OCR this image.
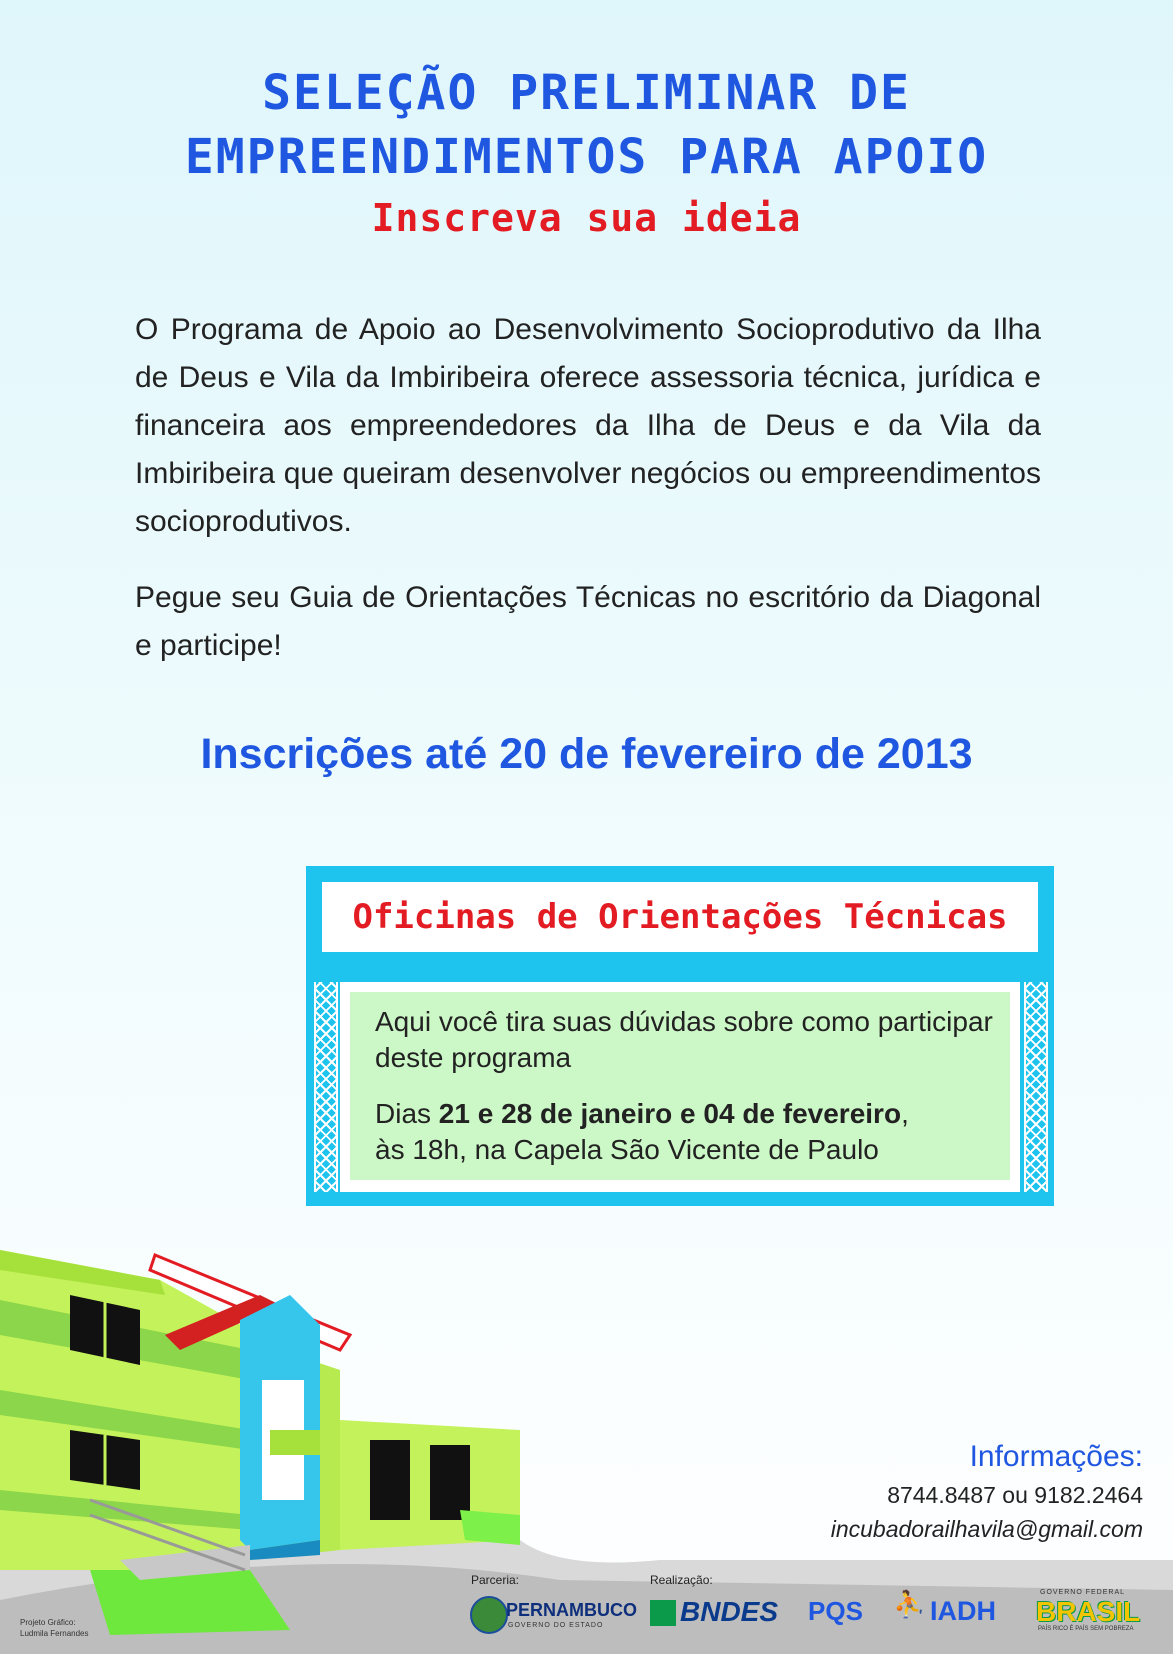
SELEÇÃO PRELIMINAR DE
EMPREENDIMENTOS PARA APOIO
Inscreva sua ideia
O Programa de Apoio ao Desenvolvimento Socioprodutivo da Ilha de Deus e Vila da Imbiribeira oferece assessoria técnica, jurídica e financeira aos empreendedores da Ilha de Deus e da Vila da Imbiribeira que queiram desenvolver negócios ou empreendimentos socioprodutivos.
Pegue seu Guia de Orientações Técnicas no escritório da Diagonal e participe!
Inscrições até 20 de fevereiro de 2013
Oficinas de Orientações Técnicas
Aqui você tira suas dúvidas sobre como participar deste programa
Dias 21 e 28 de janeiro e 04 de fevereiro,
às 18h, na Capela São Vicente de Paulo
Informações:
8744.8487 ou 9182.2464
incubadorailhavila@gmail.com
Parceria:	Realização:
PERNAMBUCO
GOVERNO DO ESTADO	BNDES PQS ⛹ IADH
GOVERNO FEDERAL
BRASIL
PAÍS RICO É PAÍS SEM POBREZA
Projeto Gráfico:
Ludmila Fernandes
